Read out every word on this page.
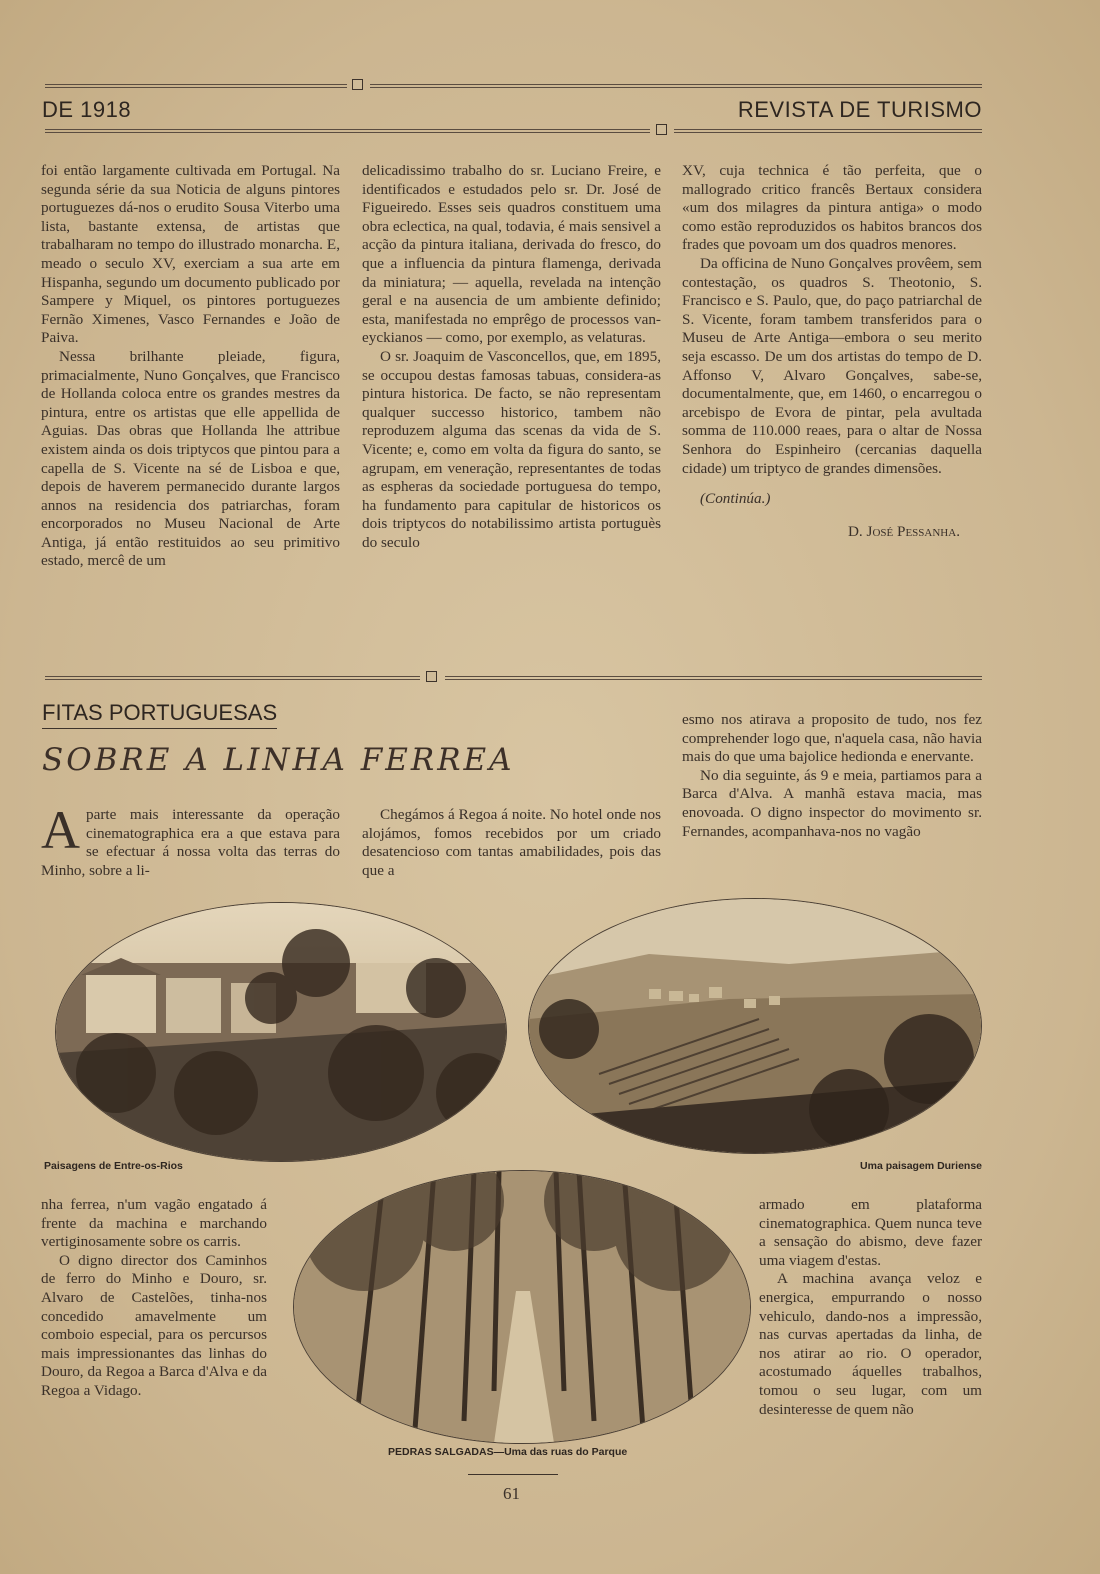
DE 1918	REVISTA DE TURISMO

foi então largamente cultivada em Portugal. Na segunda série da sua Noticia de alguns pintores portuguezes dá-nos o erudito Sousa Viterbo uma lista, bastante extensa, de artistas que trabalharam no tempo do illustrado monarcha. E, meado o seculo XV, exerciam a sua arte em Hispanha, segundo um documento publicado por Sampere y Miquel, os pintores portuguezes Fernão Ximenes, Vasco Fernandes e João de Paiva.

Nessa brilhante pleiade, figura, primacialmente, Nuno Gonçalves, que Francisco de Hollanda coloca entre os grandes mestres da pintura, entre os artistas que elle appellida de Aguias. Das obras que Hollanda lhe attribue existem ainda os dois triptycos que pintou para a capella de S. Vicente na sé de Lisboa e que, depois de haverem permanecido durante largos annos na residencia dos patriarchas, foram encorporados no Museu Nacional de Arte Antiga, já então restituidos ao seu primitivo estado, mercê de um

delicadissimo trabalho do sr. Luciano Freire, e identificados e estudados pelo sr. Dr. José de Figueiredo. Esses seis quadros constituem uma obra eclectica, na qual, todavia, é mais sensivel a acção da pintura italiana, derivada do fresco, do que a influencia da pintura flamenga, derivada da miniatura; — aquella, revelada na intenção geral e na ausencia de um ambiente definido; esta, manifestada no emprêgo de processos van-eyckianos — como, por exemplo, as velaturas.

O sr. Joaquim de Vasconcellos, que, em 1895, se occupou destas famosas tabuas, considera-as pintura historica. De facto, se não representam qualquer successo historico, tambem não reproduzem alguma das scenas da vida de S. Vicente; e, como em volta da figura do santo, se agrupam, em veneração, representantes de todas as espheras da sociedade portuguesa do tempo, ha fundamento para capitular de historicos os dois triptycos do notabilissimo artista portuguès do seculo

XV, cuja technica é tão perfeita, que o mallogrado critico francês Bertaux considera «um dos milagres da pintura antiga» o modo como estão reproduzidos os habitos brancos dos frades que povoam um dos quadros menores.

Da officina de Nuno Gonçalves provêem, sem contestação, os quadros S. Theotonio, S. Francisco e S. Paulo, que, do paço patriarchal de S. Vicente, foram tambem transferidos para o Museu de Arte Antiga—embora o seu merito seja escasso. De um dos artistas do tempo de D. Affonso V, Alvaro Gonçalves, sabe-se, documentalmente, que, em 1460, o encarregou o arcebispo de Evora de pintar, pela avultada somma de 110.000 reaes, para o altar de Nossa Senhora do Espinheiro (cercanias daquella cidade) um triptyco de grandes dimensões.

(Continúa.)

D. José Pessanha.

FITAS PORTUGUESAS
SOBRE A LINHA FERREA
Aparte mais interessante da operação cinematographica era a que estava para se efectuar á nossa volta das terras do Minho, sobre a li-

Chegámos á Regoa á noite. No hotel onde nos alojámos, fomos recebidos por um criado desatencioso com tantas amabilidades, pois das que a

esmo nos atirava a proposito de tudo, nos fez comprehender logo que, n'aquela casa, não havia mais do que uma bajolice hedionda e enervante.

No dia seguinte, ás 9 e meia, partiamos para a Barca d'Alva. A manhã estava macia, mas enovoada. O digno inspector do movimento sr. Fernandes, acompanhava-nos no vagão

Paisagens de Entre-os-Rios	Uma paisagem Duriense

nha ferrea, n'um vagão engatado á frente da machina e marchando vertiginosamente sobre os carris.

O digno director dos Caminhos de ferro do Minho e Douro, sr. Alvaro de Castelões, tinha-nos concedido amavelmente um comboio especial, para os percursos mais impressionantes das linhas do Douro, da Regoa a Barca d'Alva e da Regoa a Vidago.

PEDRAS SALGADAS—Uma das ruas do Parque

armado em plataforma cinematographica. Quem nunca teve a sensação do abismo, deve fazer uma viagem d'estas.

A machina avança veloz e energica, empurrando o nosso vehiculo, dando-nos a impressão, nas curvas apertadas da linha, de nos atirar ao rio. O operador, acostumado áquelles trabalhos, tomou o seu lugar, com um desinteresse de quem não

61
